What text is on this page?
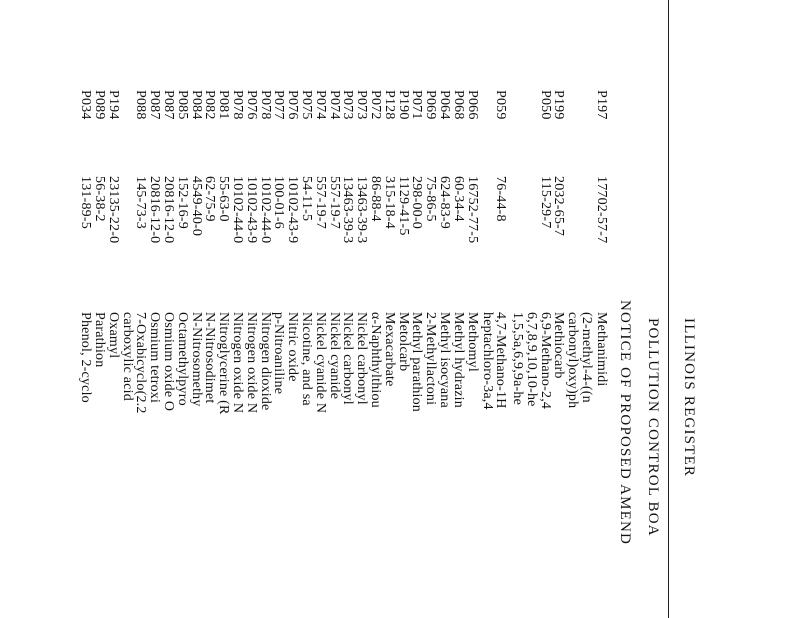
ILLINOIS REGISTER
POLLUTION CONTROL BOA
NOTICE OF PROPOSED AMEND
P197
17702-57-7
Methanimidi
(2-methyl-4-((n
carbonyl)oxy)ph
P199
2032-65-7
Methiocarb
P050
115-29-7
6,9-Methano-2,4
6,7,8,9,10,10-he
1,5,5a,6,9,9a-he
P059
76-44-8
4,7-Methano-1H
heptachloro-3a,4
P066
16752-77-5
Methomyl
P068
60-34-4
Methyl hydrazin
P064
624-83-9
Methyl isocyana
P069
75-86-5
2-Methyllactoni
P071
298-00-0
Methyl parathion
P190
1129-41-5
Metolcarb
P128
315-18-4
Mexacarbate
P072
86-88-4
α-Naphthylthiou
P073
13463-39-3
Nickel carbonyl
P073
13463-39-3
Nickel carbonyl
P074
557-19-7
Nickel cyanide
P074
557-19-7
Nickel cyanide N
P075
54-11-5
Nicotine, and sa
P076
10102-43-9
Nitric oxide
P077
100-01-6
p-Nitroaniline
P078
10102-44-0
Nitrogen dioxide
P076
10102-43-9
Nitrogen oxide N
P078
10102-44-0
Nitrogen oxide N
P081
55-63-0
Nitroglycerine (R
P082
62-75-9
N-Nitrosodimet
P084
4549-40-0
N-Nitrosomethy
P085
152-16-9
Octamethylpyro
P087
20816-12-0
Osmium oxide O
P087
20816-12-0
Osmium tetroxi
P088
145-73-3
7-Oxabicyclo(2.2
carboxylic acid
P194
23135-22-0
Oxamyl
P089
56-38-2
Parathion
P034
131-89-5
Phenol, 2-cyclo
